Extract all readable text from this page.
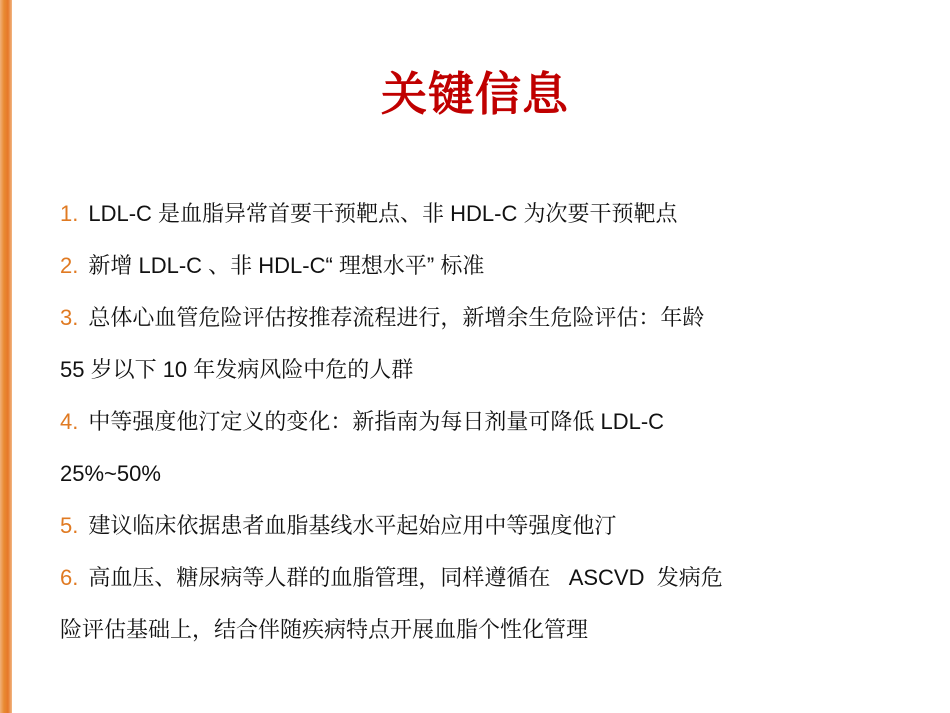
关键信息
1. LDL-C 是血脂异常首要干预靶点、非 HDL-C 为次要干预靶点
2. 新增 LDL-C 、非 HDL-C“ 理想水平” 标准
3. 总体心血管危险评估按推荐流程进行，新增余生危险评估：年龄
55 岁以下 10 年发病风险中危的人群
4. 中等强度他汀定义的变化：新指南为每日剂量可降低 LDL-C
25%~50%
5. 建议临床依据患者血脂基线水平起始应用中等强度他汀
6. 高血压、糖尿病等人群的血脂管理，同样遵循在   ASCVD  发病危
险评估基础上，结合伴随疾病特点开展血脂个性化管理
